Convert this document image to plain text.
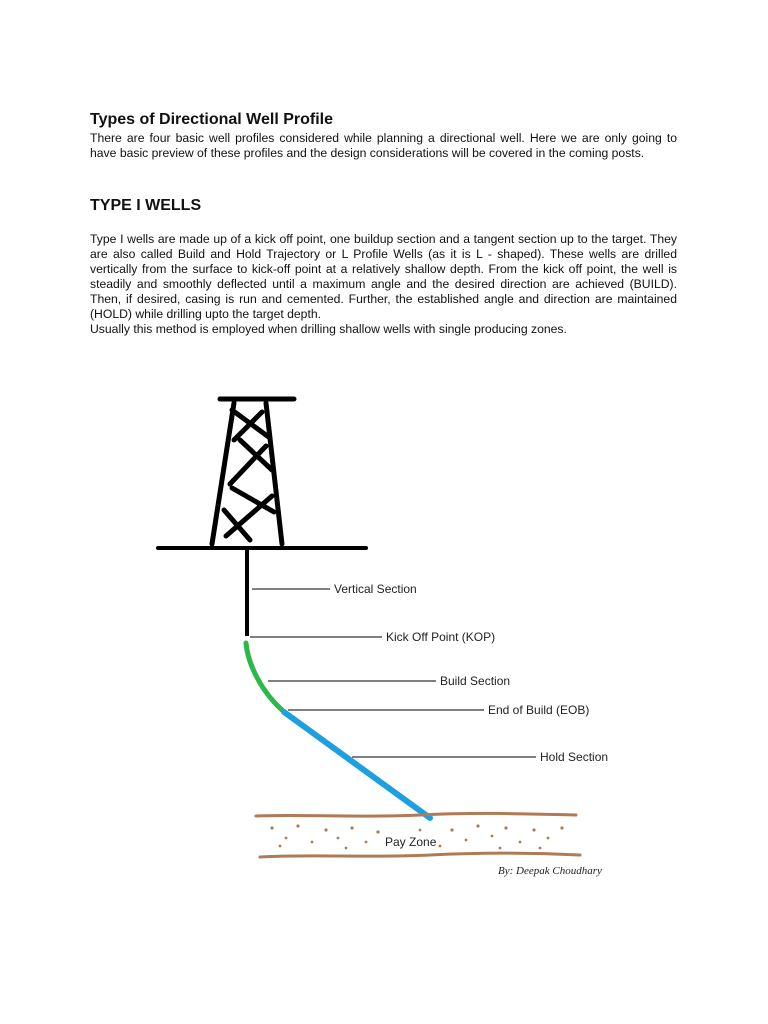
Types of Directional Well Profile

There are four basic well profiles considered while planning a directional well. Here we are only going to have basic preview of these profiles and the design considerations will be covered in the coming posts.

TYPE I WELLS

Type I wells are made up of a kick off point, one buildup section and a tangent section up to the target. They are also called Build and Hold Trajectory or L Profile Wells (as it is L - shaped). These wells are drilled vertically from the surface to kick-off point at a relatively shallow depth. From the kick off point, the well is steadily and smoothly deflected until a maximum angle and the desired direction are achieved (BUILD). Then, if desired, casing is run and cemented. Further, the established angle and direction are maintained (HOLD) while drilling upto the target depth.

Usually this method is employed when drilling shallow wells with single producing zones.

Vertical Section
Kick Off Point (KOP)
Build Section
End of Build (EOB)
Hold Section
Pay Zone
By: Deepak Choudhary
